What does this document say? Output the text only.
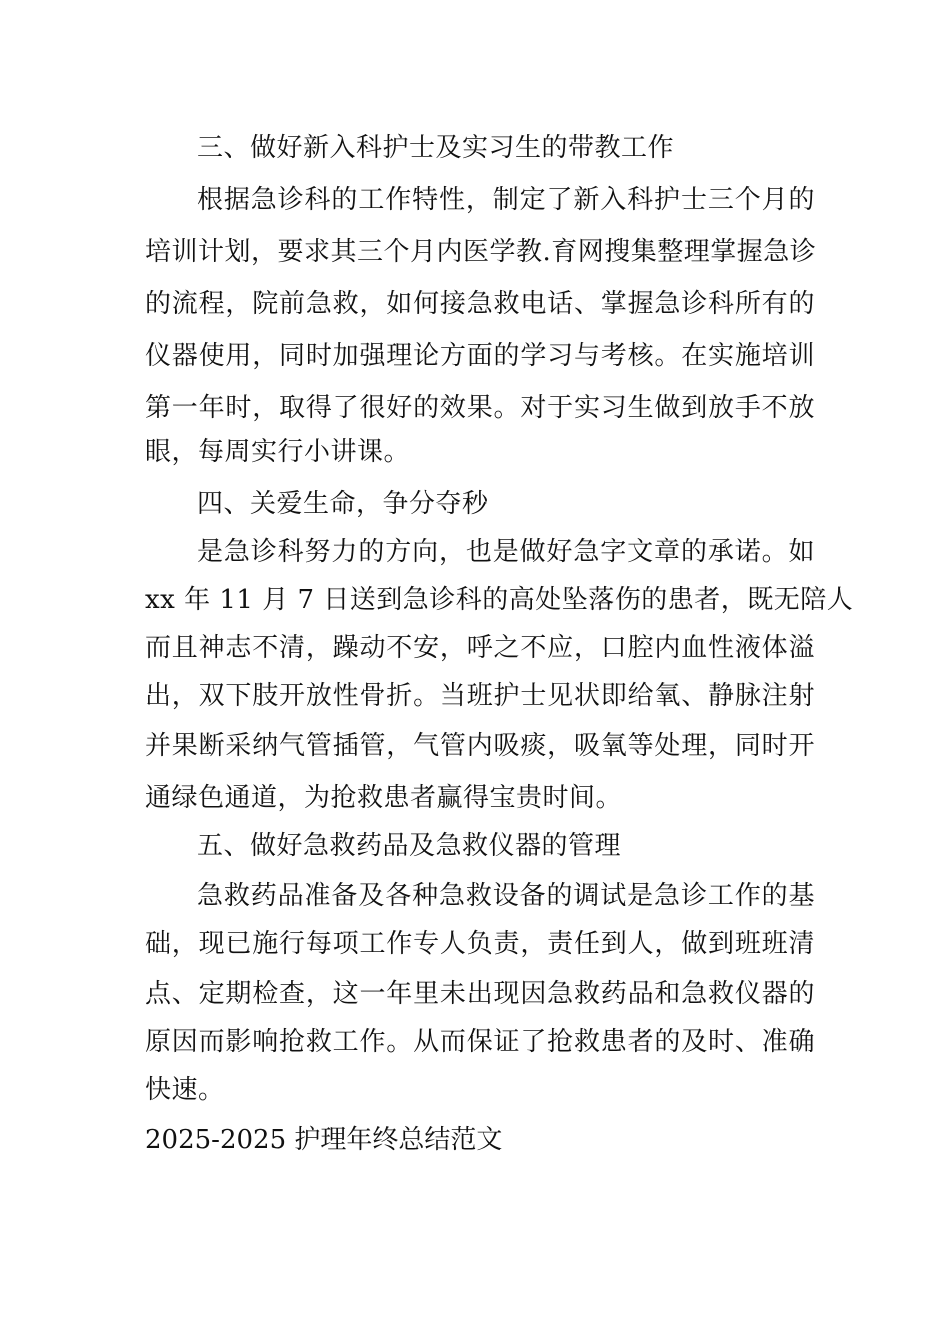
三、做好新入科护士及实习生的带教工作
根据急诊科的工作特性，制定了新入科护士三个月的
培训计划，要求其三个月内医学教.育网搜集整理掌握急诊
的流程，院前急救，如何接急救电话、掌握急诊科所有的
仪器使用，同时加强理论方面的学习与考核。在实施培训
第一年时，取得了很好的效果。对于实习生做到放手不放
眼，每周实行小讲课。
四、关爱生命，争分夺秒
是急诊科努力的方向，也是做好急字文章的承诺。如
xx 年 11 月 7 日送到急诊科的高处坠落伤的患者，既无陪人
而且神志不清，躁动不安，呼之不应，口腔内血性液体溢
出，双下肢开放性骨折。当班护士见状即给氧、静脉注射
并果断采纳气管插管，气管内吸痰，吸氧等处理，同时开
通绿色通道，为抢救患者赢得宝贵时间。
五、做好急救药品及急救仪器的管理
急救药品准备及各种急救设备的调试是急诊工作的基
础，现已施行每项工作专人负责，责任到人，做到班班清
点、定期检查，这一年里未出现因急救药品和急救仪器的
原因而影响抢救工作。从而保证了抢救患者的及时、准确
快速。
2025-2025 护理年终总结范文
